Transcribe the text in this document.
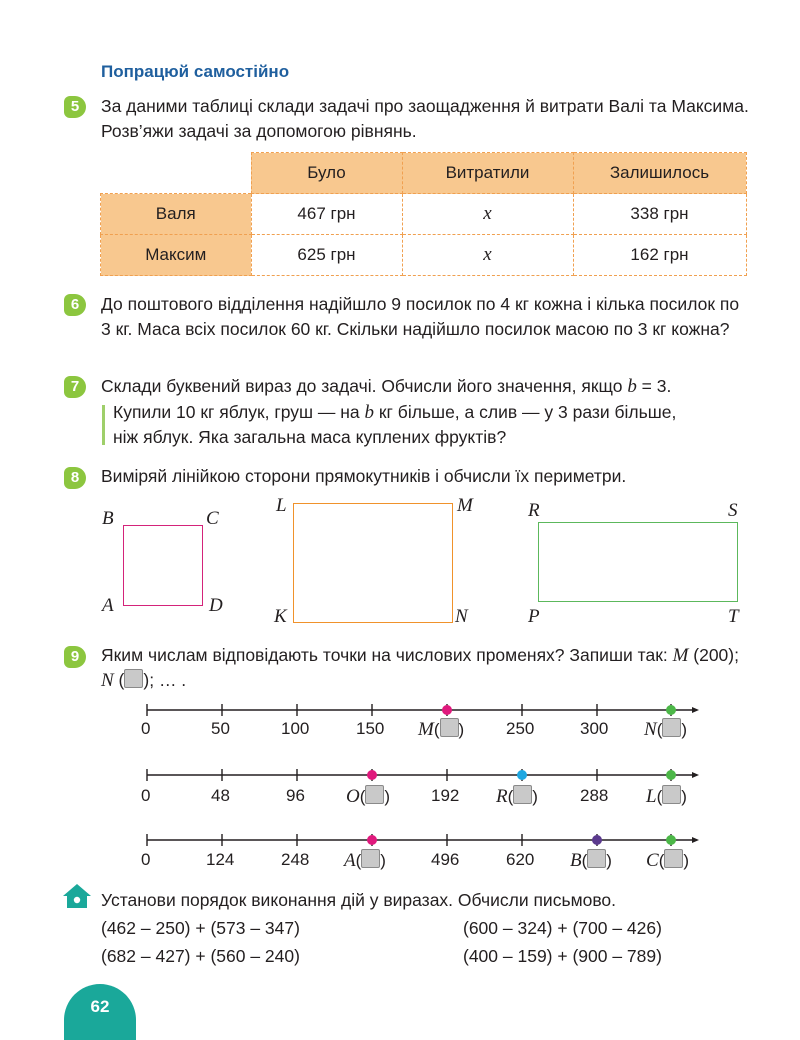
Попрацюй самостійно
5	За даними таблиці склади задачі про заощадження й витрати Валі та Максима. Розв’яжи задачі за допомогою рівнянь.
	Було	Витратили	Залишилось
Валя	467 грн	x	338 грн
Максим	625 грн	x	162 грн
6	До поштового відділення надійшло 9 посилок по 4 кг кожна і кілька посилок по 3 кг. Маса всіх посилок 60 кг. Скільки надійшло посилок масою по 3 кг кожна?
7	Склади буквений вираз до задачі. Обчисли його значення, якщо b = 3.
Купили 10 кг яблук, груш — на b кг більше, а слив — у 3 рази більше,
ніж яблук. Яка загальна маса куплених фруктів?
8	Виміряй лінійкою сторони прямокутників і обчисли їх периметри.
B	C
A	D
L	M
K	N
R	S
P	T
9	Яким числам відповідають точки на числових променях? Запиши так: M (200); N ( ); … .
0	50	100	150 M( ) 250	300 N( )
0	48	96 O( ) 192 R( ) 288 L( )
0	124	248 A( )	496	620 B( ) C( )
Установи порядок виконання дій у виразах. Обчисли письмово.
(462 – 250) + (573 – 347)	(600 – 324) + (700 – 426)
(682 – 427) + (560 – 240)	(400 – 159) + (900 – 789)
62
